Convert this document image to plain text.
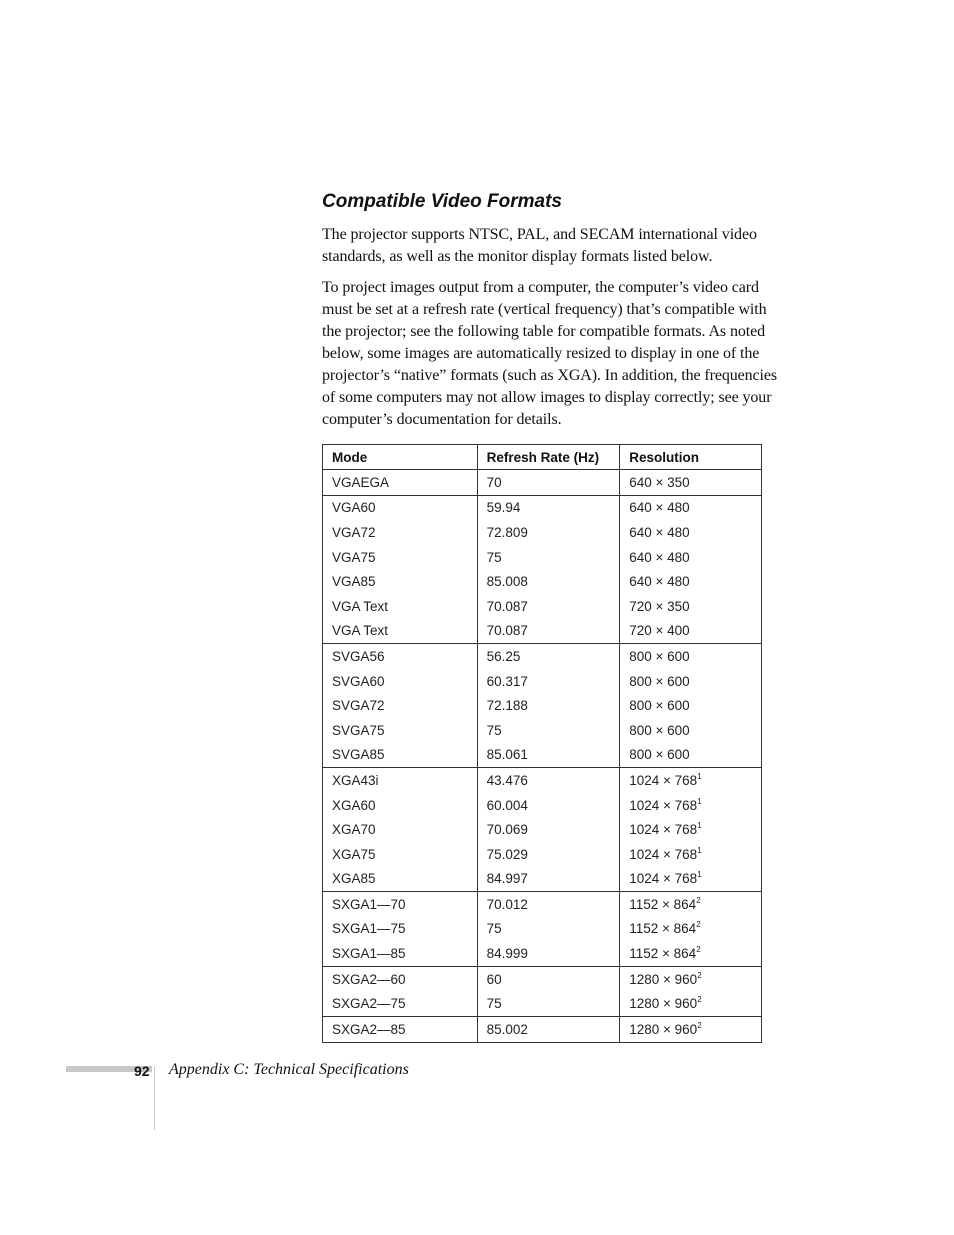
Compatible Video Formats

The projector supports NTSC, PAL, and SECAM international video standards, as well as the monitor display formats listed below.

To project images output from a computer, the computer’s video card must be set at a refresh rate (vertical frequency) that’s compatible with the projector; see the following table for compatible formats. As noted below, some images are automatically resized to display in one of the projector’s “native” formats (such as XGA). In addition, the frequencies of some computers may not allow images to display correctly; see your computer’s documentation for details.

Mode	Refresh Rate (Hz)	Resolution
VGAEGA	70	640 × 350
VGA60	59.94	640 × 480
VGA72	72.809	640 × 480
VGA75	75	640 × 480
VGA85	85.008	640 × 480
VGA Text	70.087	720 × 350
VGA Text	70.087	720 × 400
SVGA56	56.25	800 × 600
SVGA60	60.317	800 × 600
SVGA72	72.188	800 × 600
SVGA75	75	800 × 600
SVGA85	85.061	800 × 600
XGA43i	43.476	$1024 \times 768^1$
XGA60	60.004	$1024 \times 768^1$
XGA70	70.069	$1024 \times 768^1$
XGA75	75.029	$1024 \times 768^1$
XGA85	84.997	$1024 \times 768^1$
SXGA1—70	70.012	$1152 \times 864^2$
SXGA1—75	75	$1152 \times 864^2$
SXGA1—85	84.999	$1152 \times 864^2$
SXGA2—60	60	$1280 \times 960^2$
SXGA2—75	75	$1280 \times 960^2$
SXGA2—85	85.002	$1280 \times 960^2$
92 Appendix C: Technical Specifications
